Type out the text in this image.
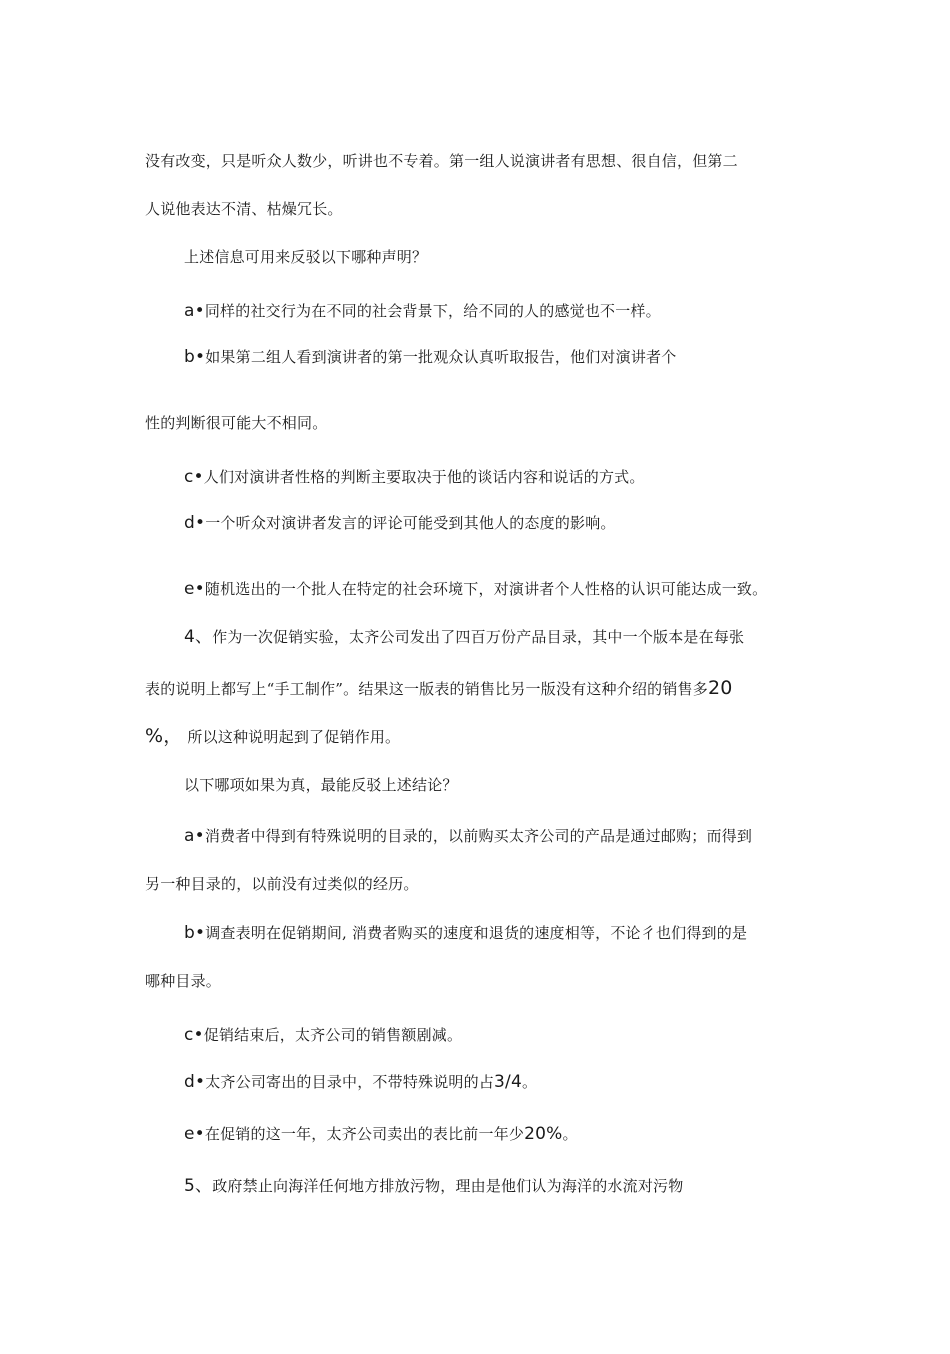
没有改变，只是听众人数少，听讲也不专着。第一组人说演讲者有思想、很自信，但第二
人说他表达不清、枯燥冗长。
上述信息可用来反驳以下哪种声明？
a•同样的社交行为在不同的社会背景下，给不同的人的感觉也不一样。
b•如果第二组人看到演讲者的第一批观众认真听取报告，他们对演讲者个
性的判断很可能大不相同。
c•人们对演讲者性格的判断主要取决于他的谈话内容和说话的方式。
d•一个听众对演讲者发言的评论可能受到其他人的态度的影响。
e•随机选出的一个批人在特定的社会环境下，对演讲者个人性格的认识可能达成一致。
4、作为一次促销实验，太齐公司发出了四百万份产品目录，其中一个版本是在每张
表的说明上都写上“手工制作”。结果这一版表的销售比另一版没有这种介绍的销售多20
%， 所以这种说明起到了促销作用。
以下哪项如果为真，最能反驳上述结论？
a•消费者中得到有特殊说明的目录的，以前购买太齐公司的产品是通过邮购；而得到
另一种目录的，以前没有过类似的经历。
b•调查表明在促销期间, 消费者购买的速度和退货的速度相等，不论彳也们得到的是
哪种目录。
c•促销结束后，太齐公司的销售额剧减。
d•太齐公司寄出的目录中，不带特殊说明的占3/4。
e•在促销的这一年，太齐公司卖出的表比前一年少20%。
5、政府禁止向海洋任何地方排放污物，理由是他们认为海洋的水流对污物
